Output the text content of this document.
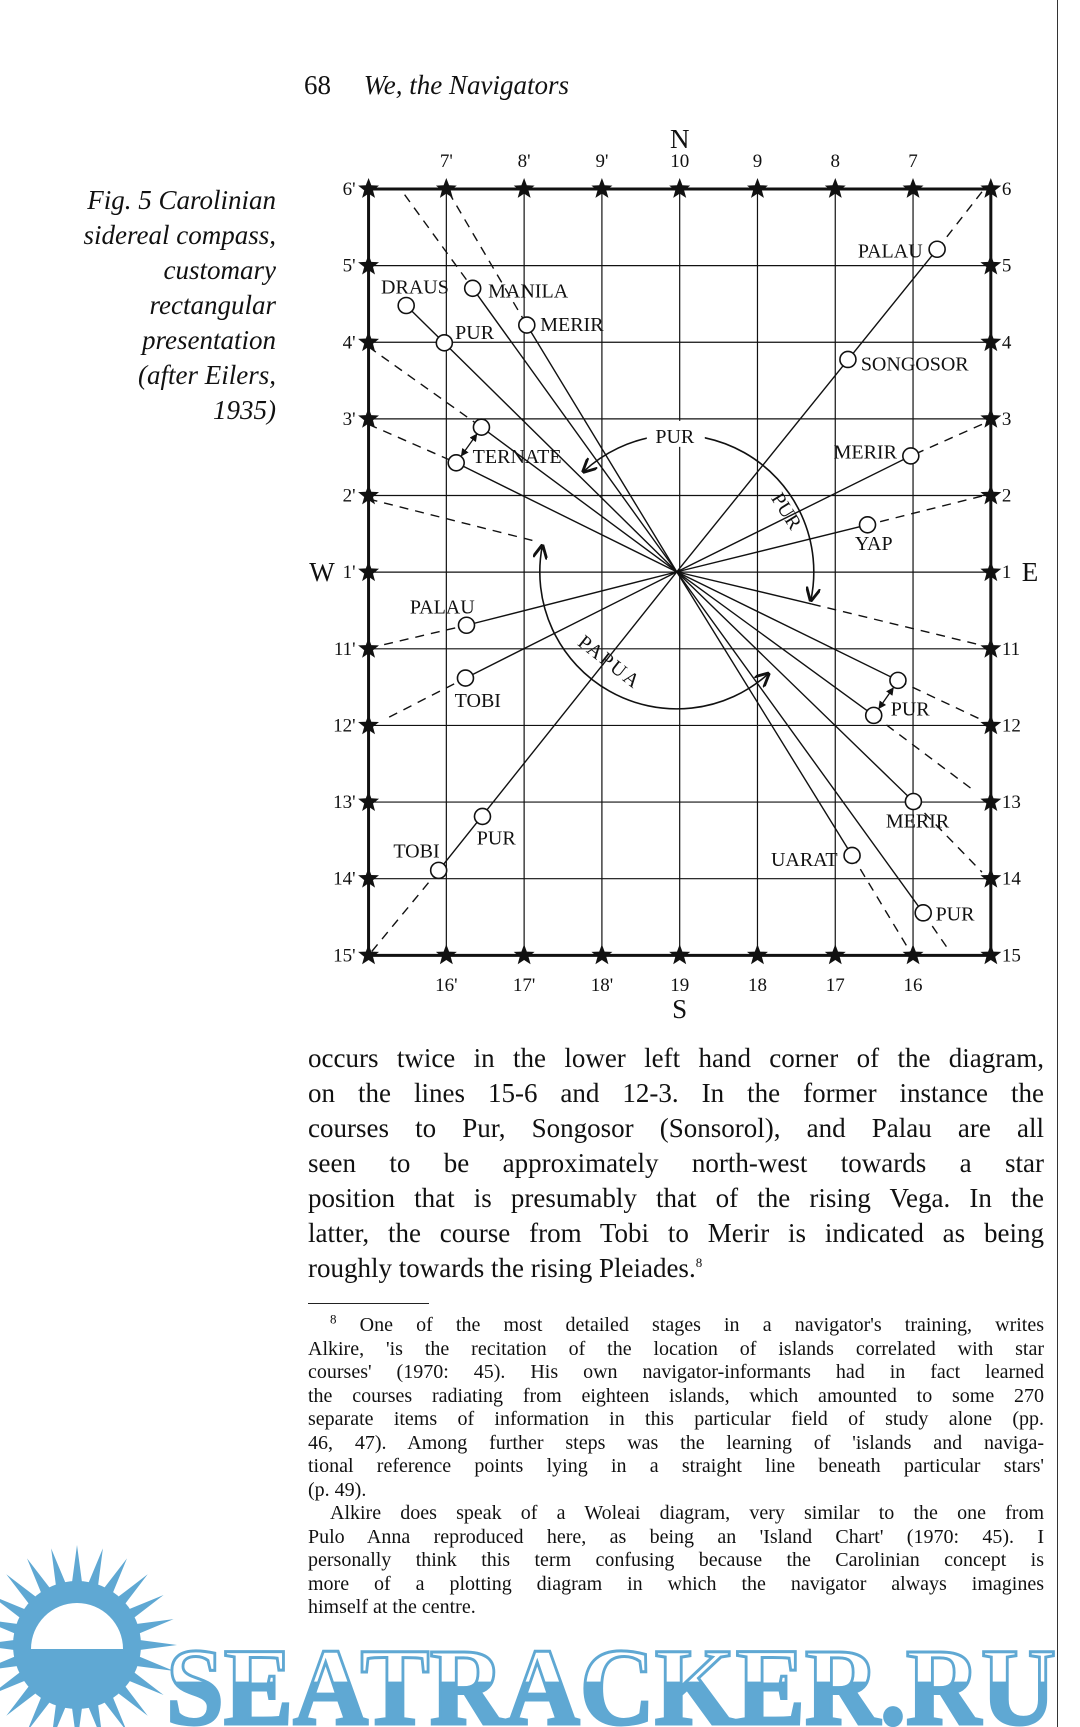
68 We, the Navigators
Fig. 5 Carolinian
sidereal compass,
customary
rectangular
presentation
(after Eilers,
1935)
7'	8'	9'	10	9	8	7
16'	17'	18'	19	18	17	16
6'
5'
4'
3'
2'
1'
11'
12'
13'
14'
15'
6
5
4
3
2
1
11
12
13
14
15
N
S
E
W
DRAUS MANILA
MERIR
PUR
TERNATE
PALAU
SONGOSOR
MERIR
YAP
PALAU
TOBI	PUR
MERIR
UARAT
PUR
TOBI
PUR
PUR
PUR
PAPUA
occurs twice in the lower left hand corner of the diagram,
on the lines 15-6 and 12-3. In the former instance the
courses to Pur, Songosor (Sonsorol), and Palau are all
seen to be approximately north-west towards a star
position that is presumably that of the rising Vega. In the
latter, the course from Tobi to Merir is indicated as being
roughly towards the rising Pleiades.$^8$
$^8$ One of the most detailed stages in a navigator's training, writes
Alkire, 'is the recitation of the location of islands correlated with star
courses' (1970: 45). His own navigator-informants had in fact learned
the courses radiating from eighteen islands, which amounted to some 270
separate items of information in this particular field of study alone (pp.
46, 47). Among further steps was the learning of 'islands and naviga-
tional reference points lying in a straight line beneath particular stars'
(p. 49).
Alkire does speak of a Woleai diagram, very similar to the one from
Pulo Anna reproduced here, as being an 'Island Chart' (1970: 45). I
personally think this term confusing because the Carolinian concept is
more of a plotting diagram in which the navigator always imagines
himself at the centre.
SEATRACKER.RU
